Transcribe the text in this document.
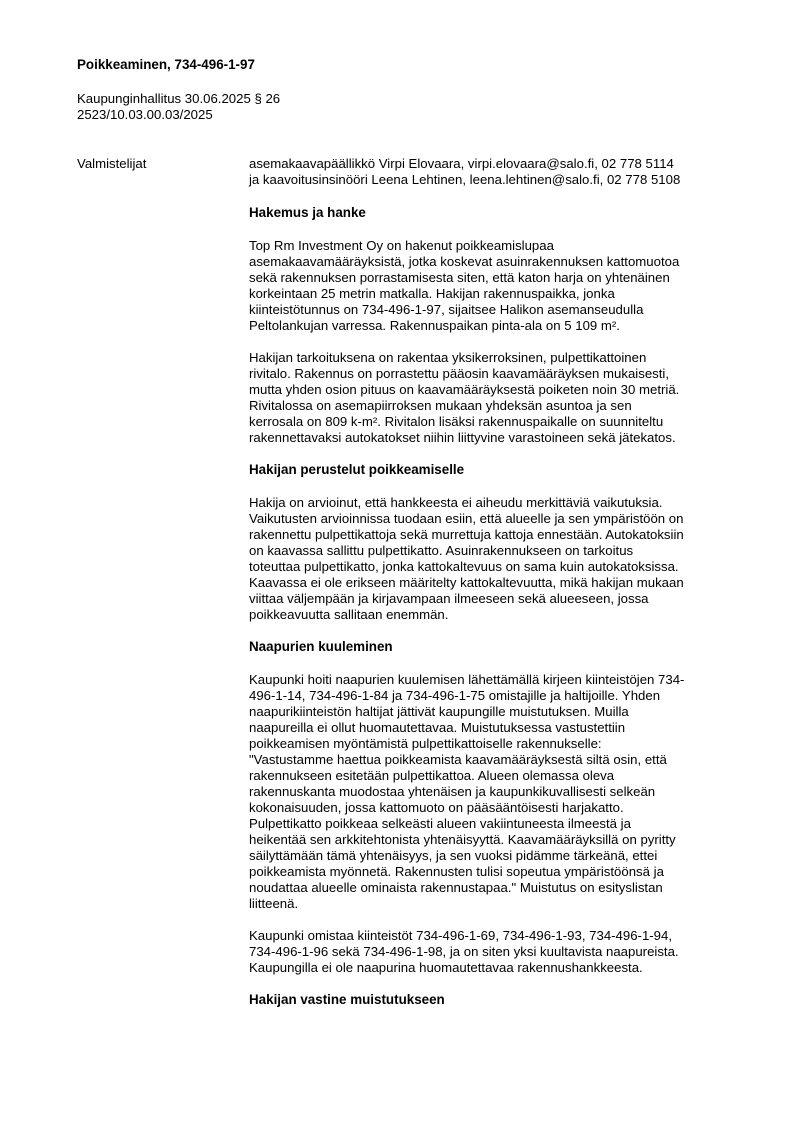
Poikkeaminen, 734-496-1-97
Kaupunginhallitus 30.06.2025 § 26
2523/10.03.00.03/2025
Valmistelijat	asemakaavapäällikkö Virpi Elovaara, virpi.elovaara@salo.fi, 02 778 5114
ja kaavoitusinsinööri Leena Lehtinen, leena.lehtinen@salo.fi, 02 778 5108
Hakemus ja hanke
Top Rm Investment Oy on hakenut poikkeamislupaa
asemakaavamääräyksistä, jotka koskevat asuinrakennuksen kattomuotoa
sekä rakennuksen porrastamisesta siten, että katon harja on yhtenäinen
korkeintaan 25 metrin matkalla. Hakijan rakennuspaikka, jonka
kiinteistötunnus on 734-496-1-97, sijaitsee Halikon asemanseudulla
Peltolankujan varressa. Rakennuspaikan pinta-ala on 5 109 m².
Hakijan tarkoituksena on rakentaa yksikerroksinen, pulpettikattoinen
rivitalo. Rakennus on porrastettu pääosin kaavamääräyksen mukaisesti,
mutta yhden osion pituus on kaavamääräyksestä poiketen noin 30 metriä.
Rivitalossa on asemapiirroksen mukaan yhdeksän asuntoa ja sen
kerrosala on 809 k-m². Rivitalon lisäksi rakennuspaikalle on suunniteltu
rakennettavaksi autokatokset niihin liittyvine varastoineen sekä jätekatos.
Hakijan perustelut poikkeamiselle
Hakija on arvioinut, että hankkeesta ei aiheudu merkittäviä vaikutuksia.
Vaikutusten arvioinnissa tuodaan esiin, että alueelle ja sen ympäristöön on
rakennettu pulpettikattoja sekä murrettuja kattoja ennestään. Autokatoksiin
on kaavassa sallittu pulpettikatto. Asuinrakennukseen on tarkoitus
toteuttaa pulpettikatto, jonka kattokaltevuus on sama kuin autokatoksissa.
Kaavassa ei ole erikseen määritelty kattokaltevuutta, mikä hakijan mukaan
viittaa väljempään ja kirjavampaan ilmeeseen sekä alueeseen, jossa
poikkeavuutta sallitaan enemmän.
Naapurien kuuleminen
Kaupunki hoiti naapurien kuulemisen lähettämällä kirjeen kiinteistöjen 734-
496-1-14, 734-496-1-84 ja 734-496-1-75 omistajille ja haltijoille. Yhden
naapurikiinteistön haltijat jättivät kaupungille muistutuksen. Muilla
naapureilla ei ollut huomautettavaa. Muistutuksessa vastustettiin
poikkeamisen myöntämistä pulpettikattoiselle rakennukselle:
"Vastustamme haettua poikkeamista kaavamääräyksestä siltä osin, että
rakennukseen esitetään pulpettikattoa. Alueen olemassa oleva
rakennuskanta muodostaa yhtenäisen ja kaupunkikuvallisesti selkeän
kokonaisuuden, jossa kattomuoto on pääsääntöisesti harjakatto.
Pulpettikatto poikkeaa selkeästi alueen vakiintuneesta ilmeestä ja
heikentää sen arkkitehtonista yhtenäisyyttä. Kaavamääräyksillä on pyritty
säilyttämään tämä yhtenäisyys, ja sen vuoksi pidämme tärkeänä, ettei
poikkeamista myönnetä. Rakennusten tulisi sopeutua ympäristöönsä ja
noudattaa alueelle ominaista rakennustapaa." Muistutus on esityslistan
liitteenä.
Kaupunki omistaa kiinteistöt 734-496-1-69, 734-496-1-93, 734-496-1-94,
734-496-1-96 sekä 734-496-1-98, ja on siten yksi kuultavista naapureista.
Kaupungilla ei ole naapurina huomautettavaa rakennushankkeesta.
Hakijan vastine muistutukseen
